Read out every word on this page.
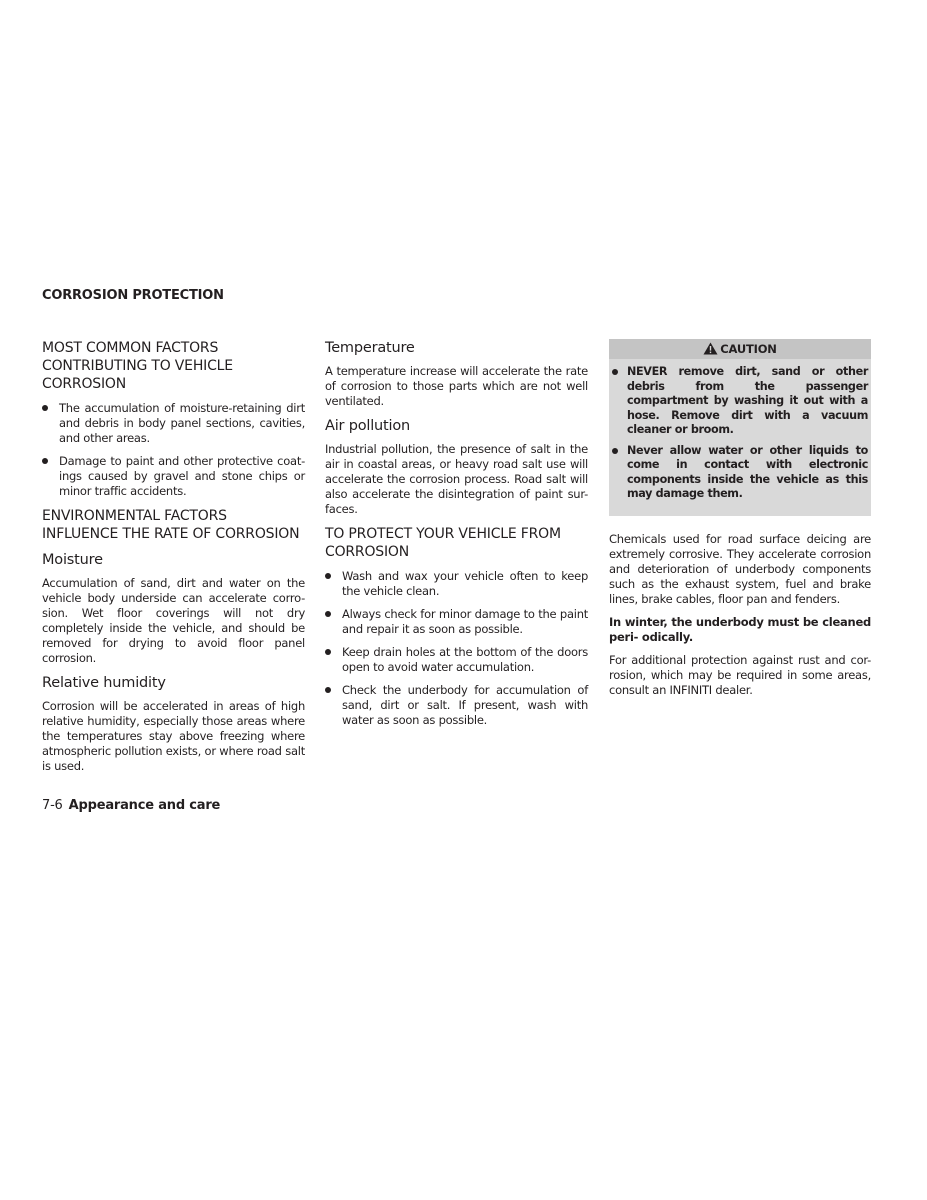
CORROSION PROTECTION
MOST COMMON FACTORS CONTRIBUTING TO VEHICLE CORROSION
The accumulation of moisture-retaining dirt and debris in body panel sections, cavities, and other areas.
Damage to paint and other protective coat- ings caused by gravel and stone chips or minor traffic accidents.
ENVIRONMENTAL FACTORS INFLUENCE THE RATE OF CORROSION
Moisture

Accumulation of sand, dirt and water on the vehicle body underside can accelerate corro- sion. Wet floor coverings will not dry completely inside the vehicle, and should be removed for drying to avoid floor panel corrosion.

Relative humidity

Corrosion will be accelerated in areas of high relative humidity, especially those areas where the temperatures stay above freezing where atmospheric pollution exists, or where road salt is used.

Temperature

A temperature increase will accelerate the rate of corrosion to those parts which are not well ventilated.

Air pollution

Industrial pollution, the presence of salt in the air in coastal areas, or heavy road salt use will accelerate the corrosion process. Road salt will also accelerate the disintegration of paint sur- faces.

TO PROTECT YOUR VEHICLE FROM CORROSION
Wash and wax your vehicle often to keep the vehicle clean.
Always check for minor damage to the paint and repair it as soon as possible.
Keep drain holes at the bottom of the doors open to avoid water accumulation.
Check the underbody for accumulation of sand, dirt or salt. If present, wash with water as soon as possible.
CAUTION
NEVER remove dirt, sand or other debris from the passenger compartment by washing it out with a hose. Remove dirt with a vacuum cleaner or broom.
Never allow water or other liquids to come in contact with electronic components inside the vehicle as this may damage them.

Chemicals used for road surface deicing are extremely corrosive. They accelerate corrosion and deterioration of underbody components such as the exhaust system, fuel and brake lines, brake cables, floor pan and fenders.

In winter, the underbody must be cleaned peri- odically.

For additional protection against rust and cor- rosion, which may be required in some areas, consult an INFINITI dealer.

7-6 Appearance and care
